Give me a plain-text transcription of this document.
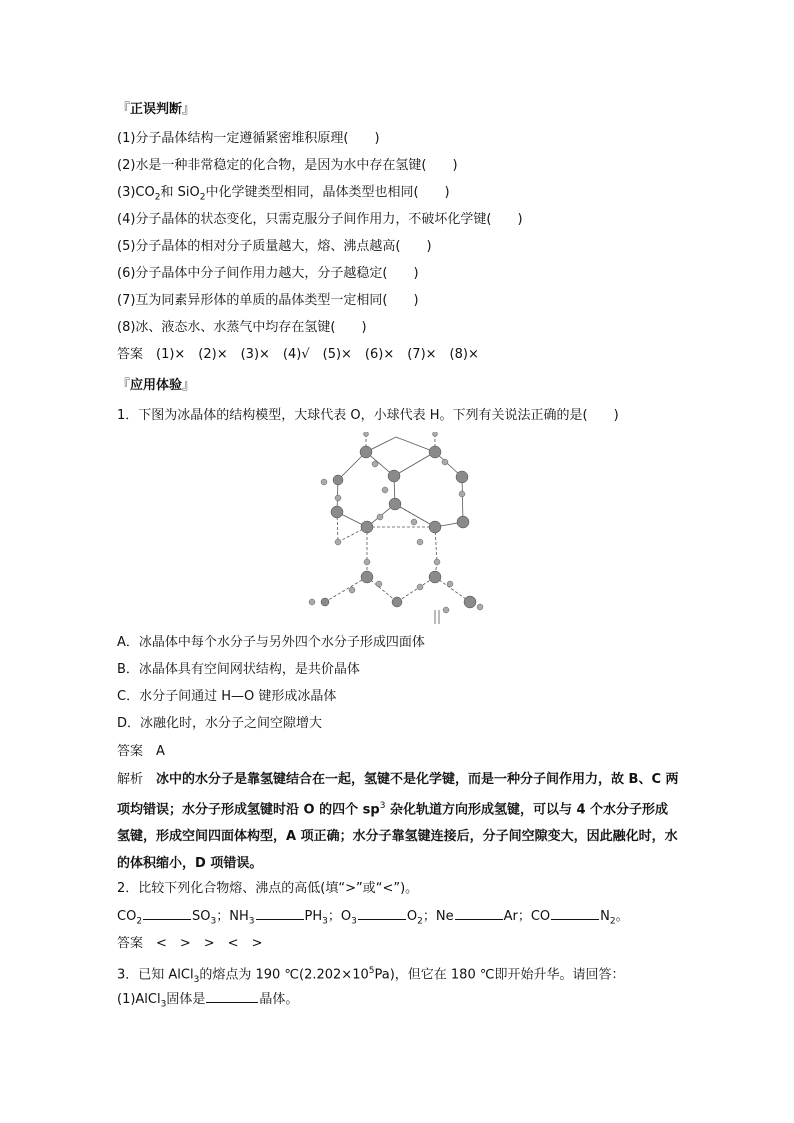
『正误判断』
(1)分子晶体结构一定遵循紧密堆积原理(　　)
(2)水是一种非常稳定的化合物，是因为水中存在氢键(　　)
$(3)CO_2$和 SiO$_2$中化学键类型相同，晶体类型也相同(　　)
(4)分子晶体的状态变化，只需克服分子间作用力，不破坏化学键(　　)
(5)分子晶体的相对分子质量越大，熔、沸点越高(　　)
(6)分子晶体中分子间作用力越大，分子越稳定(　　)
(7)互为同素异形体的单质的晶体类型一定相同(　　)
(8)冰、液态水、水蒸气中均存在氢键(　　)
答案　(1)×　(2)×　(3)×　(4)√　(5)×　(6)×　(7)×　(8)×
『应用体验』
1．下图为冰晶体的结构模型，大球代表 O，小球代表 H。下列有关说法正确的是(　　)
A．冰晶体中每个水分子与另外四个水分子形成四面体
B．冰晶体具有空间网状结构，是共价晶体
C．水分子间通过 H—O 键形成冰晶体
D．冰融化时，水分子之间空隙增大
答案　A
解析　冰中的水分子是靠氢键结合在一起，氢键不是化学键，而是一种分子间作用力，故 B、C 两项均错误；水分子形成氢键时沿 O 的四个 $sp^3$ 杂化轨道方向形成氢键，可以与 4 个水分子形成氢键，形成空间四面体构型，A 项正确；水分子靠氢键连接后，分子间空隙变大，因此融化时，水的体积缩小，D 项错误。
2．比较下列化合物熔、沸点的高低(填“>”或“<”)。
$CO_2$	$SO_3$；$NH_3$	$PH_3$；$O_3$	$O_2$；Ne	Ar；CO	$N_2$。
答案　<　>　>　<　>
3．已知 AlCl$_3$的熔点为 190 $℃(2.202\times 10^5Pa)$，但它在 180 ℃即开始升华。请回答：
(1)AlCl$_3$固体是	晶体。
